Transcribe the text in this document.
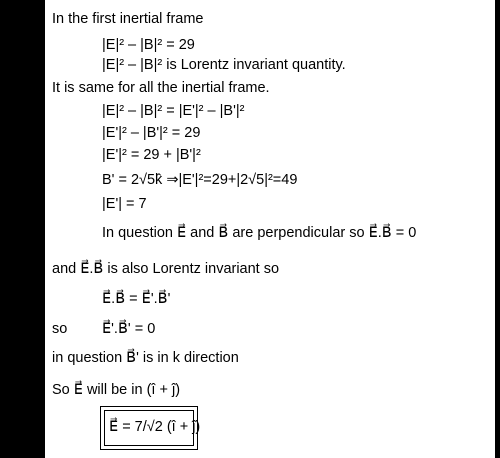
In the first inertial frame
|E|² – |B|² = 29
|E|² – |B|² is Lorentz invariant quantity.
It is same for all the inertial frame.
|E|² – |B|² = |E'|² – |B'|²
|E'|² – |B'|² = 29
|E'|² = 29 + |B'|²
B' = 2√5k̂ ⇒|E'|²=29+|2√5|²=49
|E'| = 7
In question E⃗ and B⃗ are perpendicular so E⃗.B⃗ = 0
and E⃗.B⃗ is also Lorentz invariant so
E⃗.B⃗ = E⃗'.B⃗'
so E⃗'.B⃗' = 0
in question B⃗' is in k direction
So E⃗ will be in (î + ĵ)
E⃗ = 7/√2 (î + ĵ)
